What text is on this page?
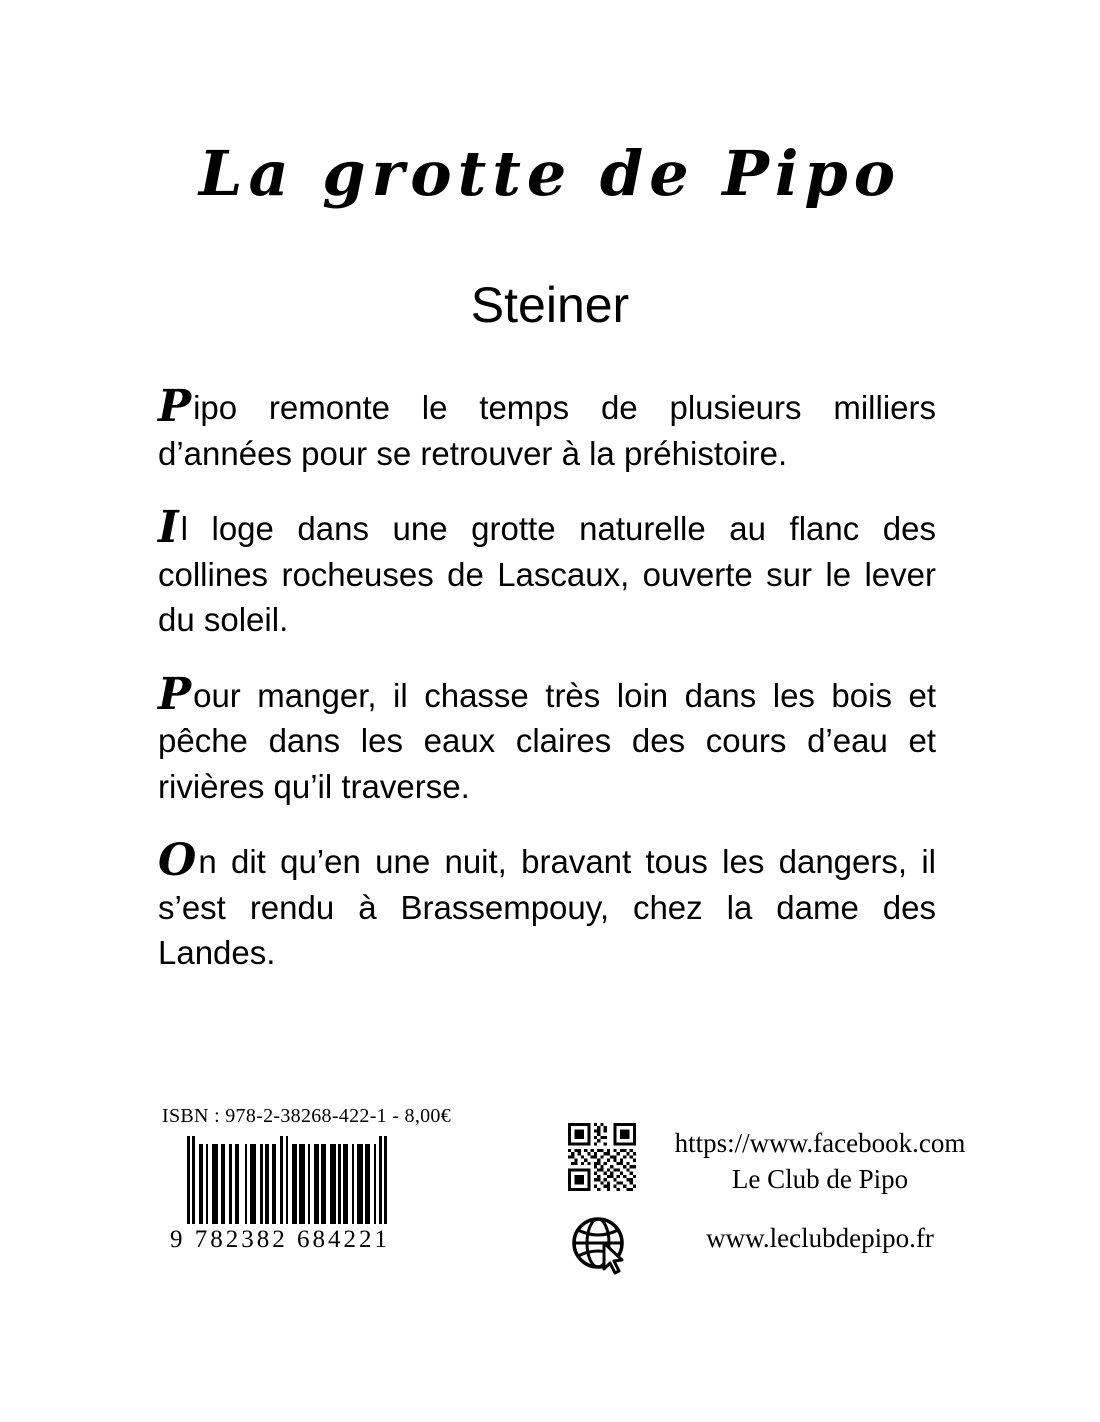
La grotte de Pipo
Steiner

Pipo remonte le temps de plusieurs milliers d’années pour se retrouver à la préhistoire.

Il loge dans une grotte naturelle au flanc des collines rocheuses de Lascaux, ouverte sur le lever du soleil.

Pour manger, il chasse très loin dans les bois et pêche dans les eaux claires des cours d’eau et rivières qu’il traverse.

On dit qu’en une nuit, bravant tous les dangers, il s’est rendu à Brassempouy, chez la dame des Landes.

ISBN : 978-2-38268-422-1 - 8,00€
9 782382 684221
https://www.facebook.com
Le Club de Pipo
www.leclubdepipo.fr
